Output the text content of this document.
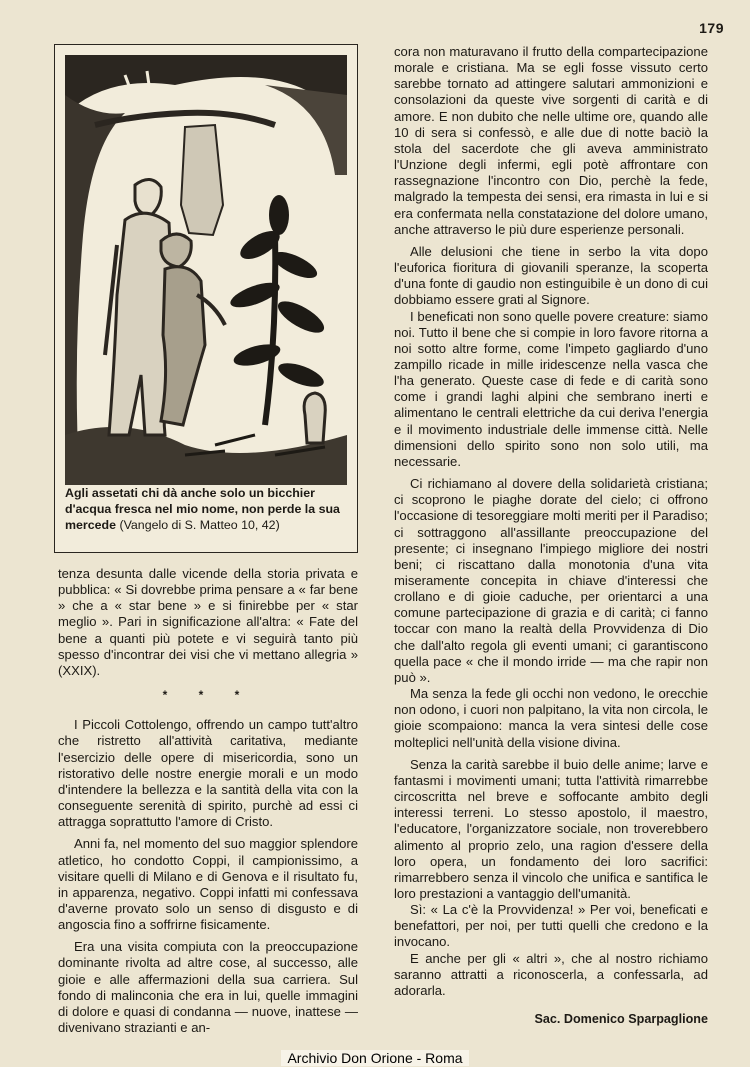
179
Agli assetati chi dà anche solo un bicchier d'acqua fresca nel mio nome, non perde la sua mercede (Vangelo di S. Matteo 10, 42)

tenza desunta dalle vicende della storia privata e pubblica: « Si dovrebbe prima pensare a « far bene » che a « star bene » e si finirebbe per « star meglio ». Pari in significazione all'altra: « Fate del bene a quanti più potete e vi seguirà tanto più spesso d'incontrar dei visi che vi mettano allegria » (XXIX).

* * *

I Piccoli Cottolengo, offrendo un campo tutt'altro che ristretto all'attività caritativa, mediante l'esercizio delle opere di misericordia, sono un ristorativo delle nostre energie morali e un modo d'intendere la bellezza e la santità della vita con la conseguente serenità di spirito, purchè ad essi ci attragga soprattutto l'amore di Cristo.

Anni fa, nel momento del suo maggior splendore atletico, ho condotto Coppi, il campionissimo, a visitare quelli di Milano e di Genova e il risultato fu, in apparenza, negativo. Coppi infatti mi confessava d'averne provato solo un senso di disgusto e di angoscia fino a soffrirne fisicamente.

Era una visita compiuta con la preoccupazione dominante rivolta ad altre cose, al successo, alle gioie e alle affermazioni della sua carriera. Sul fondo di malinconia che era in lui, quelle immagini di dolore e quasi di condanna — nuove, inattese — divenivano strazianti e an-

cora non maturavano il frutto della compartecipazione morale e cristiana. Ma se egli fosse vissuto certo sarebbe tornato ad attingere salutari ammonizioni e consolazioni da queste vive sorgenti di carità e di amore. E non dubito che nelle ultime ore, quando alle 10 di sera si confessò, e alle due di notte baciò la stola del sacerdote che gli aveva amministrato l'Unzione degli infermi, egli potè affrontare con rassegnazione l'incontro con Dio, perchè la fede, malgrado la tempesta dei sensi, era rimasta in lui e si era confermata nella constatazione del dolore umano, anche attraverso le più dure esperienze personali.

Alle delusioni che tiene in serbo la vita dopo l'euforica fioritura di giovanili speranze, la scoperta d'una fonte di gaudio non estinguibile è un dono di cui dobbiamo essere grati al Signore.

I beneficati non sono quelle povere creature: siamo noi. Tutto il bene che si compie in loro favore ritorna a noi sotto altre forme, come l'impeto gagliardo d'uno zampillo ricade in mille iridescenze nella vasca che l'ha generato. Queste case di fede e di carità sono come i grandi laghi alpini che sembrano inerti e alimentano le centrali elettriche da cui deriva l'energia e il movimento industriale delle immense città. Nelle dimensioni dello spirito sono non solo utili, ma necessarie.

Ci richiamano al dovere della solidarietà cristiana; ci scoprono le piaghe dorate del cielo; ci offrono l'occasione di tesoreggiare molti meriti per il Paradiso; ci sottraggono all'assillante preoccupazione del presente; ci insegnano l'impiego migliore dei nostri beni; ci riscattano dalla monotonia d'una vita miseramente concepita in chiave d'interessi che crollano e di gioie caduche, per orientarci a una comune partecipazione di grazia e di carità; ci fanno toccar con mano la realtà della Provvidenza di Dio che dall'alto regola gli eventi umani; ci garantiscono quella pace « che il mondo irride — ma che rapir non può ».

Ma senza la fede gli occhi non vedono, le orecchie non odono, i cuori non palpitano, la vita non circola, le gioie scompaiono: manca la vera sintesi delle cose molteplici nell'unità della visione divina.

Senza la carità sarebbe il buio delle anime; larve e fantasmi i movimenti umani; tutta l'attività rimarrebbe circoscritta nel breve e soffocante ambito degli interessi terreni. Lo stesso apostolo, il maestro, l'educatore, l'organizzatore sociale, non troverebbero alimento al proprio zelo, una ragion d'essere della loro opera, un fondamento dei loro sacrifici: rimarrebbero senza il vincolo che unifica e santifica le loro prestazioni a vantaggio dell'umanità.

Sì: « La c'è la Provvidenza! » Per voi, beneficati e benefattori, per noi, per tutti quelli che credono e la invocano.

E anche per gli « altri », che al nostro richiamo saranno attratti a riconoscerla, a confessarla, ad adorarla.

Sac. Domenico Sparpaglione
Archivio Don Orione - Roma
